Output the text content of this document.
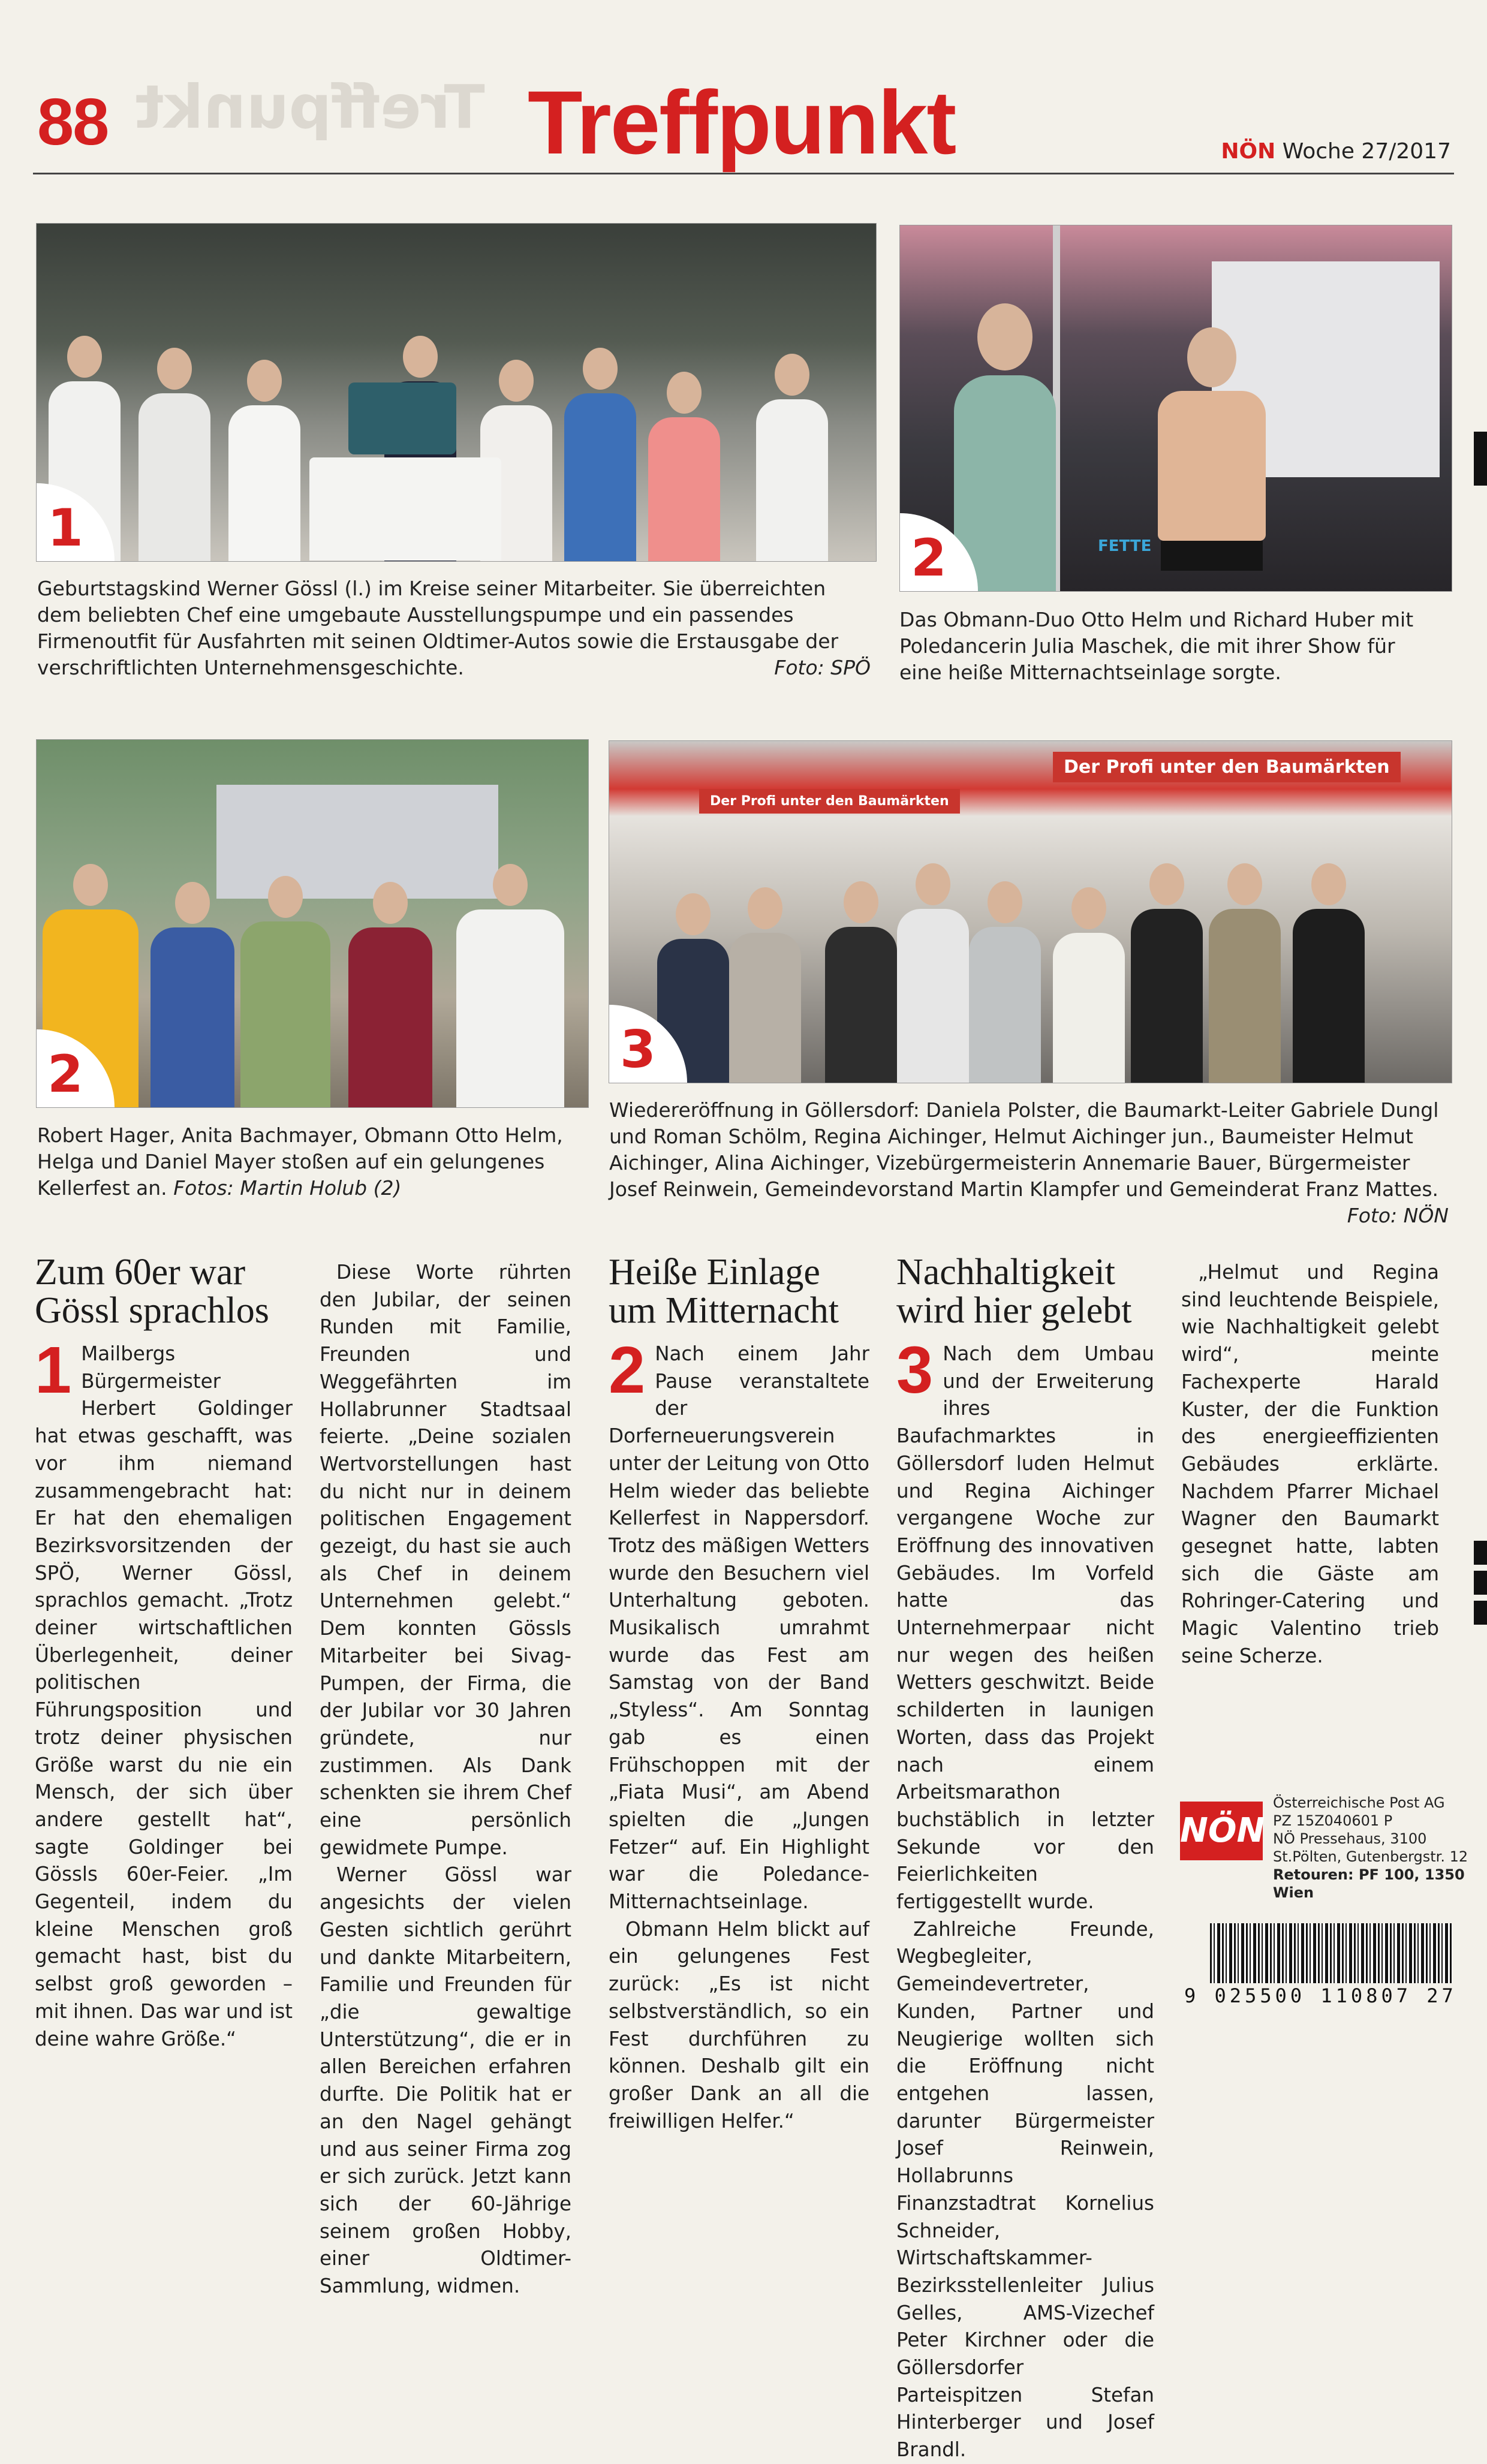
88 Treffpunkt Treffpunkt	NÖN Woche 27/2017
1	FETTE
2
Geburtstagskind Werner Gössl (l.) im Kreise seiner Mitarbeiter. Sie überreichten dem beliebten Chef eine umgebaute Ausstellungspumpe und ein passendes Firmenoutfit für Ausfahrten mit seinen Oldtimer-Autos sowie die Erstausgabe der verschriftlichten Unternehmensgeschichte.	Foto: SPÖ
Das Obmann-Duo Otto Helm und Richard Huber mit Poledancerin Julia Maschek, die mit ihrer Show für eine heiße Mitternachtseinlage sorgte.
2
Der Profi unter den Baumärkten
Der Profi unter den Baumärkten
3
Robert Hager, Anita Bachmayer, Obmann Otto Helm, Helga und Daniel Mayer stoßen auf ein gelungenes Kellerfest an. Fotos: Martin Holub (2)
Wiedereröffnung in Göllersdorf: Daniela Polster, die Baumarkt-Leiter Gabriele Dungl und Roman Schölm, Regina Aichinger, Helmut Aichinger jun., Baumeister Helmut Aichinger, Alina Aichinger, Vizebürgermeisterin Annemarie Bauer, Bürgermeister Josef Reinwein, Gemeindevorstand Martin Klampfer und Gemeinderat Franz Mattes.
Foto: NÖN
Zum 60er war Gössl sprachlos

1 Mailbergs Bürgermeister Herbert Goldinger hat etwas geschafft, was vor ihm niemand zusammengebracht hat: Er hat den ehemaligen Bezirksvorsitzenden der SPÖ, Werner Gössl, sprachlos gemacht. „Trotz deiner wirtschaftlichen Überlegenheit, deiner politischen Führungsposition und trotz deiner physischen Größe warst du nie ein Mensch, der sich über andere gestellt hat“, sagte Goldinger bei Gössls 60er-Feier. „Im Gegenteil, indem du kleine Menschen groß gemacht hast, bist du selbst groß geworden – mit ihnen. Das war und ist deine wahre Größe.“

Diese Worte rührten den Jubilar, der seinen Runden mit Familie, Freunden und Weggefährten im Hollabrunner Stadtsaal feierte. „Deine sozialen Wertvorstellungen hast du nicht nur in deinem politischen Engagement gezeigt, du hast sie auch als Chef in deinem Unternehmen gelebt.“ Dem konnten Gössls Mitarbeiter bei Sivag-Pumpen, der Firma, die der Jubilar vor 30 Jahren gründete, nur zustimmen. Als Dank schenkten sie ihrem Chef eine persönlich gewidmete Pumpe.

Werner Gössl war angesichts der vielen Gesten sichtlich gerührt und dankte Mitarbeitern, Familie und Freunden für „die gewaltige Unterstützung“, die er in allen Bereichen erfahren durfte. Die Politik hat er an den Nagel gehängt und aus seiner Firma zog er sich zurück. Jetzt kann sich der 60-Jährige seinem großen Hobby, einer Oldtimer-Sammlung, widmen.

Heiße Einlage um Mitternacht

2 Nach einem Jahr Pause veranstaltete der Dorferneuerungsverein unter der Leitung von Otto Helm wieder das beliebte Kellerfest in Nappersdorf. Trotz des mäßigen Wetters wurde den Besuchern viel Unterhaltung geboten. Musikalisch umrahmt wurde das Fest am Samstag von der Band „Styless“. Am Sonntag gab es einen Frühschoppen mit der „Fiata Musi“, am Abend spielten die „Jungen Fetzer“ auf. Ein Highlight war die Poledance-Mitternachtseinlage.

Obmann Helm blickt auf ein gelungenes Fest zurück: „Es ist nicht selbstverständlich, so ein Fest durchführen zu können. Deshalb gilt ein großer Dank an all die freiwilligen Helfer.“

Nachhaltigkeit wird hier gelebt

3 Nach dem Umbau und der Erweiterung ihres Baufachmarktes in Göllersdorf luden Helmut und Regina Aichinger vergangene Woche zur Eröffnung des innovativen Gebäudes. Im Vorfeld hatte das Unternehmerpaar nicht nur wegen des heißen Wetters geschwitzt. Beide schilderten in launigen Worten, dass das Projekt nach einem Arbeitsmarathon buchstäblich in letzter Sekunde vor den Feierlichkeiten fertiggestellt wurde.

Zahlreiche Freunde, Wegbegleiter, Gemeindevertreter, Kunden, Partner und Neugierige wollten sich die Eröffnung nicht entgehen lassen, darunter Bürgermeister Josef Reinwein, Hollabrunns Finanzstadtrat Kornelius Schneider, Wirtschaftskammer-Bezirksstellenleiter Julius Gelles, AMS-Vizechef Peter Kirchner oder die Göllersdorfer Parteispitzen Stefan Hinterberger und Josef Brandl.

„Helmut und Regina sind leuchtende Beispiele, wie Nachhaltigkeit gelebt wird“, meinte Fachexperte Harald Kuster, der die Funktion des energieeffizienten Gebäudes erklärte. Nachdem Pfarrer Michael Wagner den Baumarkt gesegnet hatte, labten sich die Gäste am Rohringer-Catering und Magic Valentino trieb seine Scherze.

NÖN
Österreichische Post AG
PZ 15Z040601 P
NÖ Pressehaus, 3100
St.Pölten, Gutenbergstr. 12
Retouren: PF 100, 1350 Wien
9 025500 110807 27
